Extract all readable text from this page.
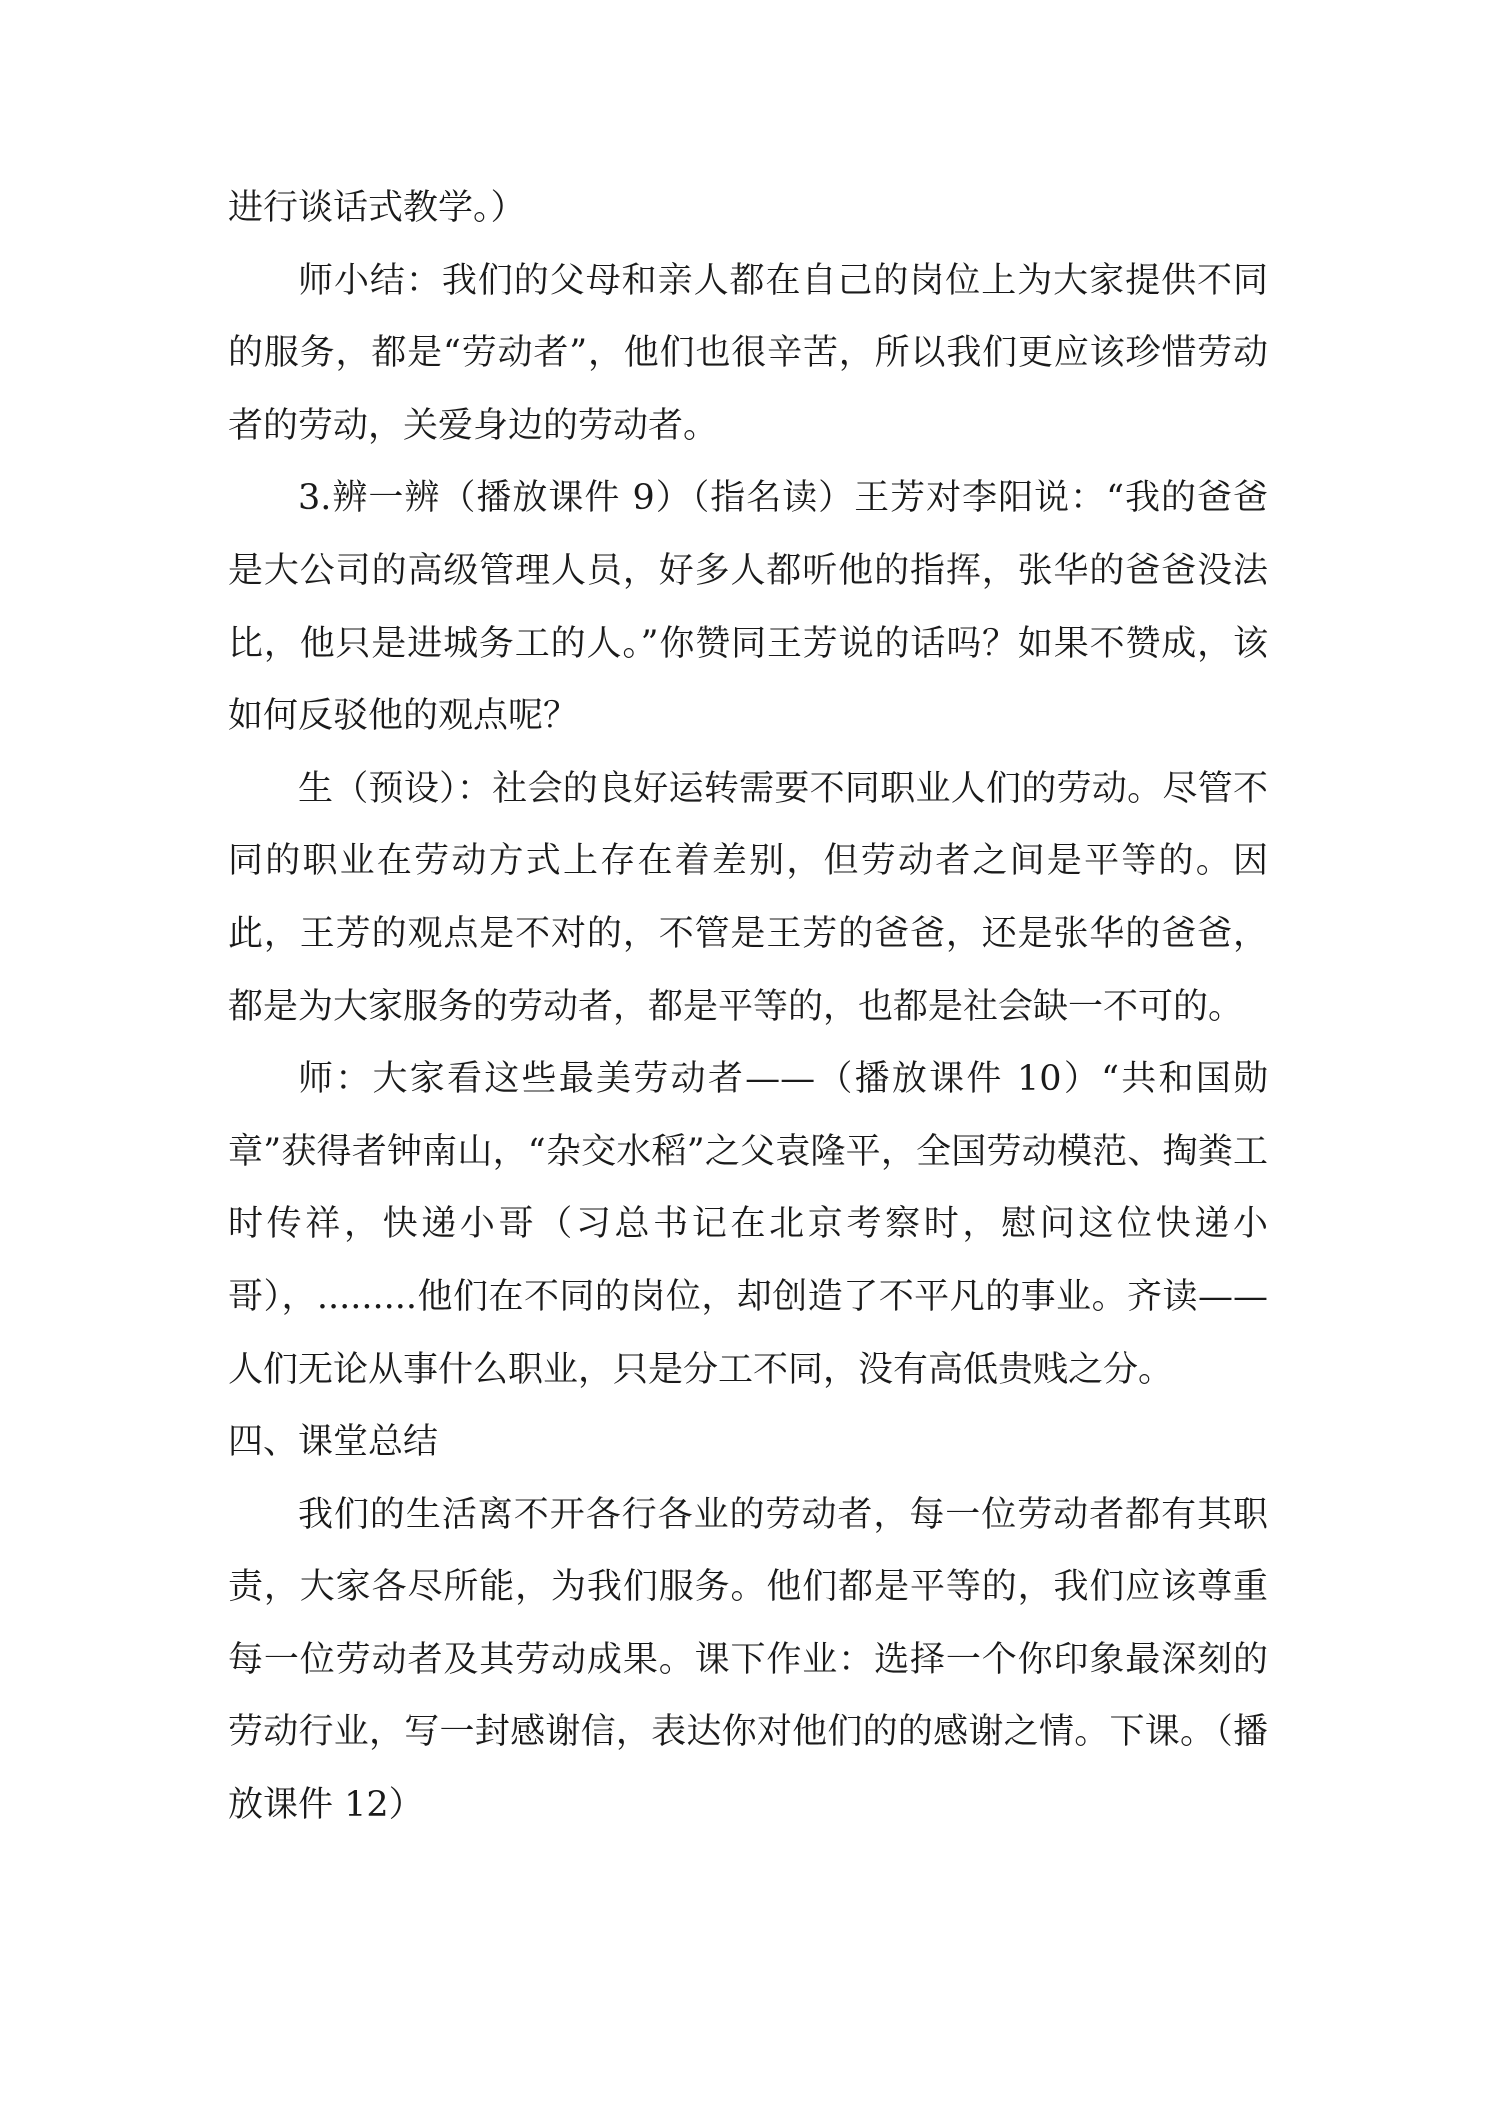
进行谈话式教学。）

师小结：我们的父母和亲人都在自己的岗位上为大家提供不同的服务，都是“劳动者”，他们也很辛苦，所以我们更应该珍惜劳动者的劳动，关爱身边的劳动者。

3.辨一辨（播放课件 9）（指名读）王芳对李阳说：“我的爸爸是大公司的高级管理人员，好多人都听他的指挥，张华的爸爸没法比，他只是进城务工的人。”你赞同王芳说的话吗？如果不赞成，该如何反驳他的观点呢？

生（预设）：社会的良好运转需要不同职业人们的劳动。尽管不同的职业在劳动方式上存在着差别，但劳动者之间是平等的。因此，王芳的观点是不对的，不管是王芳的爸爸，还是张华的爸爸，都是为大家服务的劳动者，都是平等的，也都是社会缺一不可的。

师：大家看这些最美劳动者——（播放课件 10）“共和国勋章”获得者钟南山，“杂交水稻”之父袁隆平，全国劳动模范、掏粪工时传祥，快递小哥（习总书记在北京考察时，慰问这位快递小哥），.........他们在不同的岗位，却创造了不平凡的事业。齐读——人们无论从事什么职业，只是分工不同，没有高低贵贱之分。

四、课堂总结

我们的生活离不开各行各业的劳动者，每一位劳动者都有其职责，大家各尽所能，为我们服务。他们都是平等的，我们应该尊重每一位劳动者及其劳动成果。课下作业：选择一个你印象最深刻的劳动行业，写一封感谢信，表达你对他们的的感谢之情。下课。（播放课件 12）
